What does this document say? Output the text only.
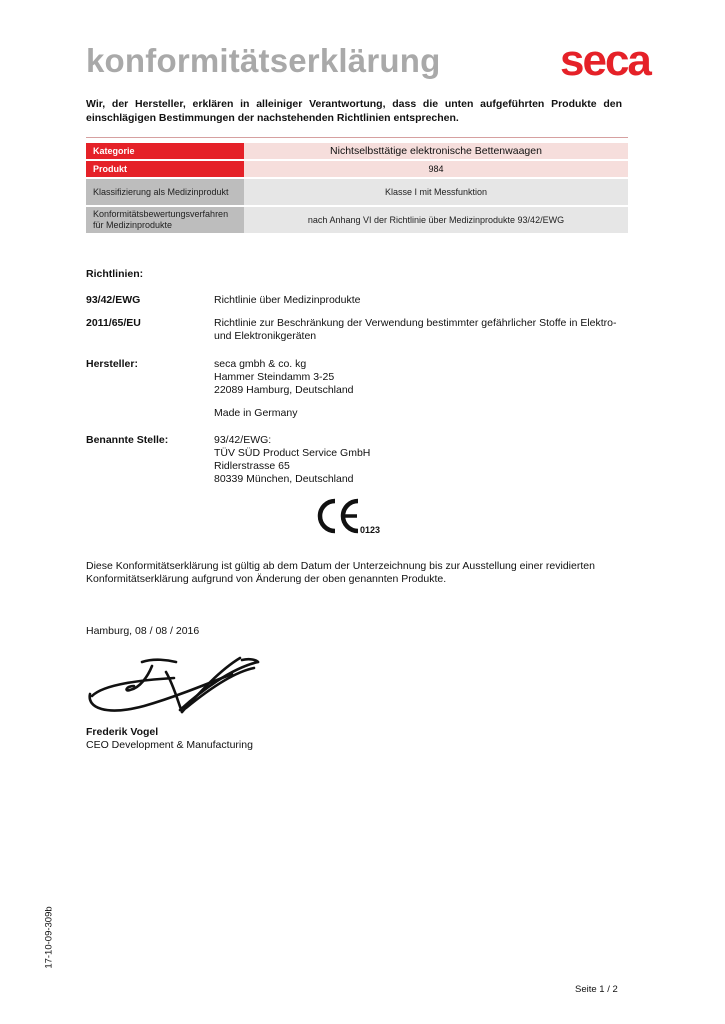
konformitätserklärung	seca
Wir, der Hersteller, erklären in alleiniger Verantwortung, dass die unten aufgeführten Produkte den einschlägigen Bestimmungen der nachstehenden Richtlinien entsprechen.
Kategorie	Nichtselbsttätige elektronische Bettenwaagen
Produkt	984
Klassifizierung als Medizinprodukt	Klasse I mit Messfunktion
Konformitätsbewertungsverfahren für Medizinprodukte	nach Anhang VI der Richtlinie über Medizinprodukte 93/42/EWG
Richtlinien:
93/42/EWG	Richtlinie über Medizinprodukte
2011/65/EU	Richtlinie zur Beschränkung der Verwendung bestimmter gefährlicher Stoffe in Elektro- und Elektronikgeräten
Hersteller:	seca gmbh & co. kg
Hammer Steindamm 3-25
22089 Hamburg, Deutschland
Made in Germany
Benannte Stelle:	93/42/EWG:
TÜV SÜD Product Service GmbH
Ridlerstrasse 65
80339 München, Deutschland
0123
Diese Konformitätserklärung ist gültig ab dem Datum der Unterzeichnung bis zur Ausstellung einer revidierten Konformitätserklärung aufgrund von Änderung der oben genannten Produkte.
Hamburg, 08 / 08 / 2016
Frederik Vogel
CEO Development & Manufacturing
17-10-09-309b
Seite 1 / 2
